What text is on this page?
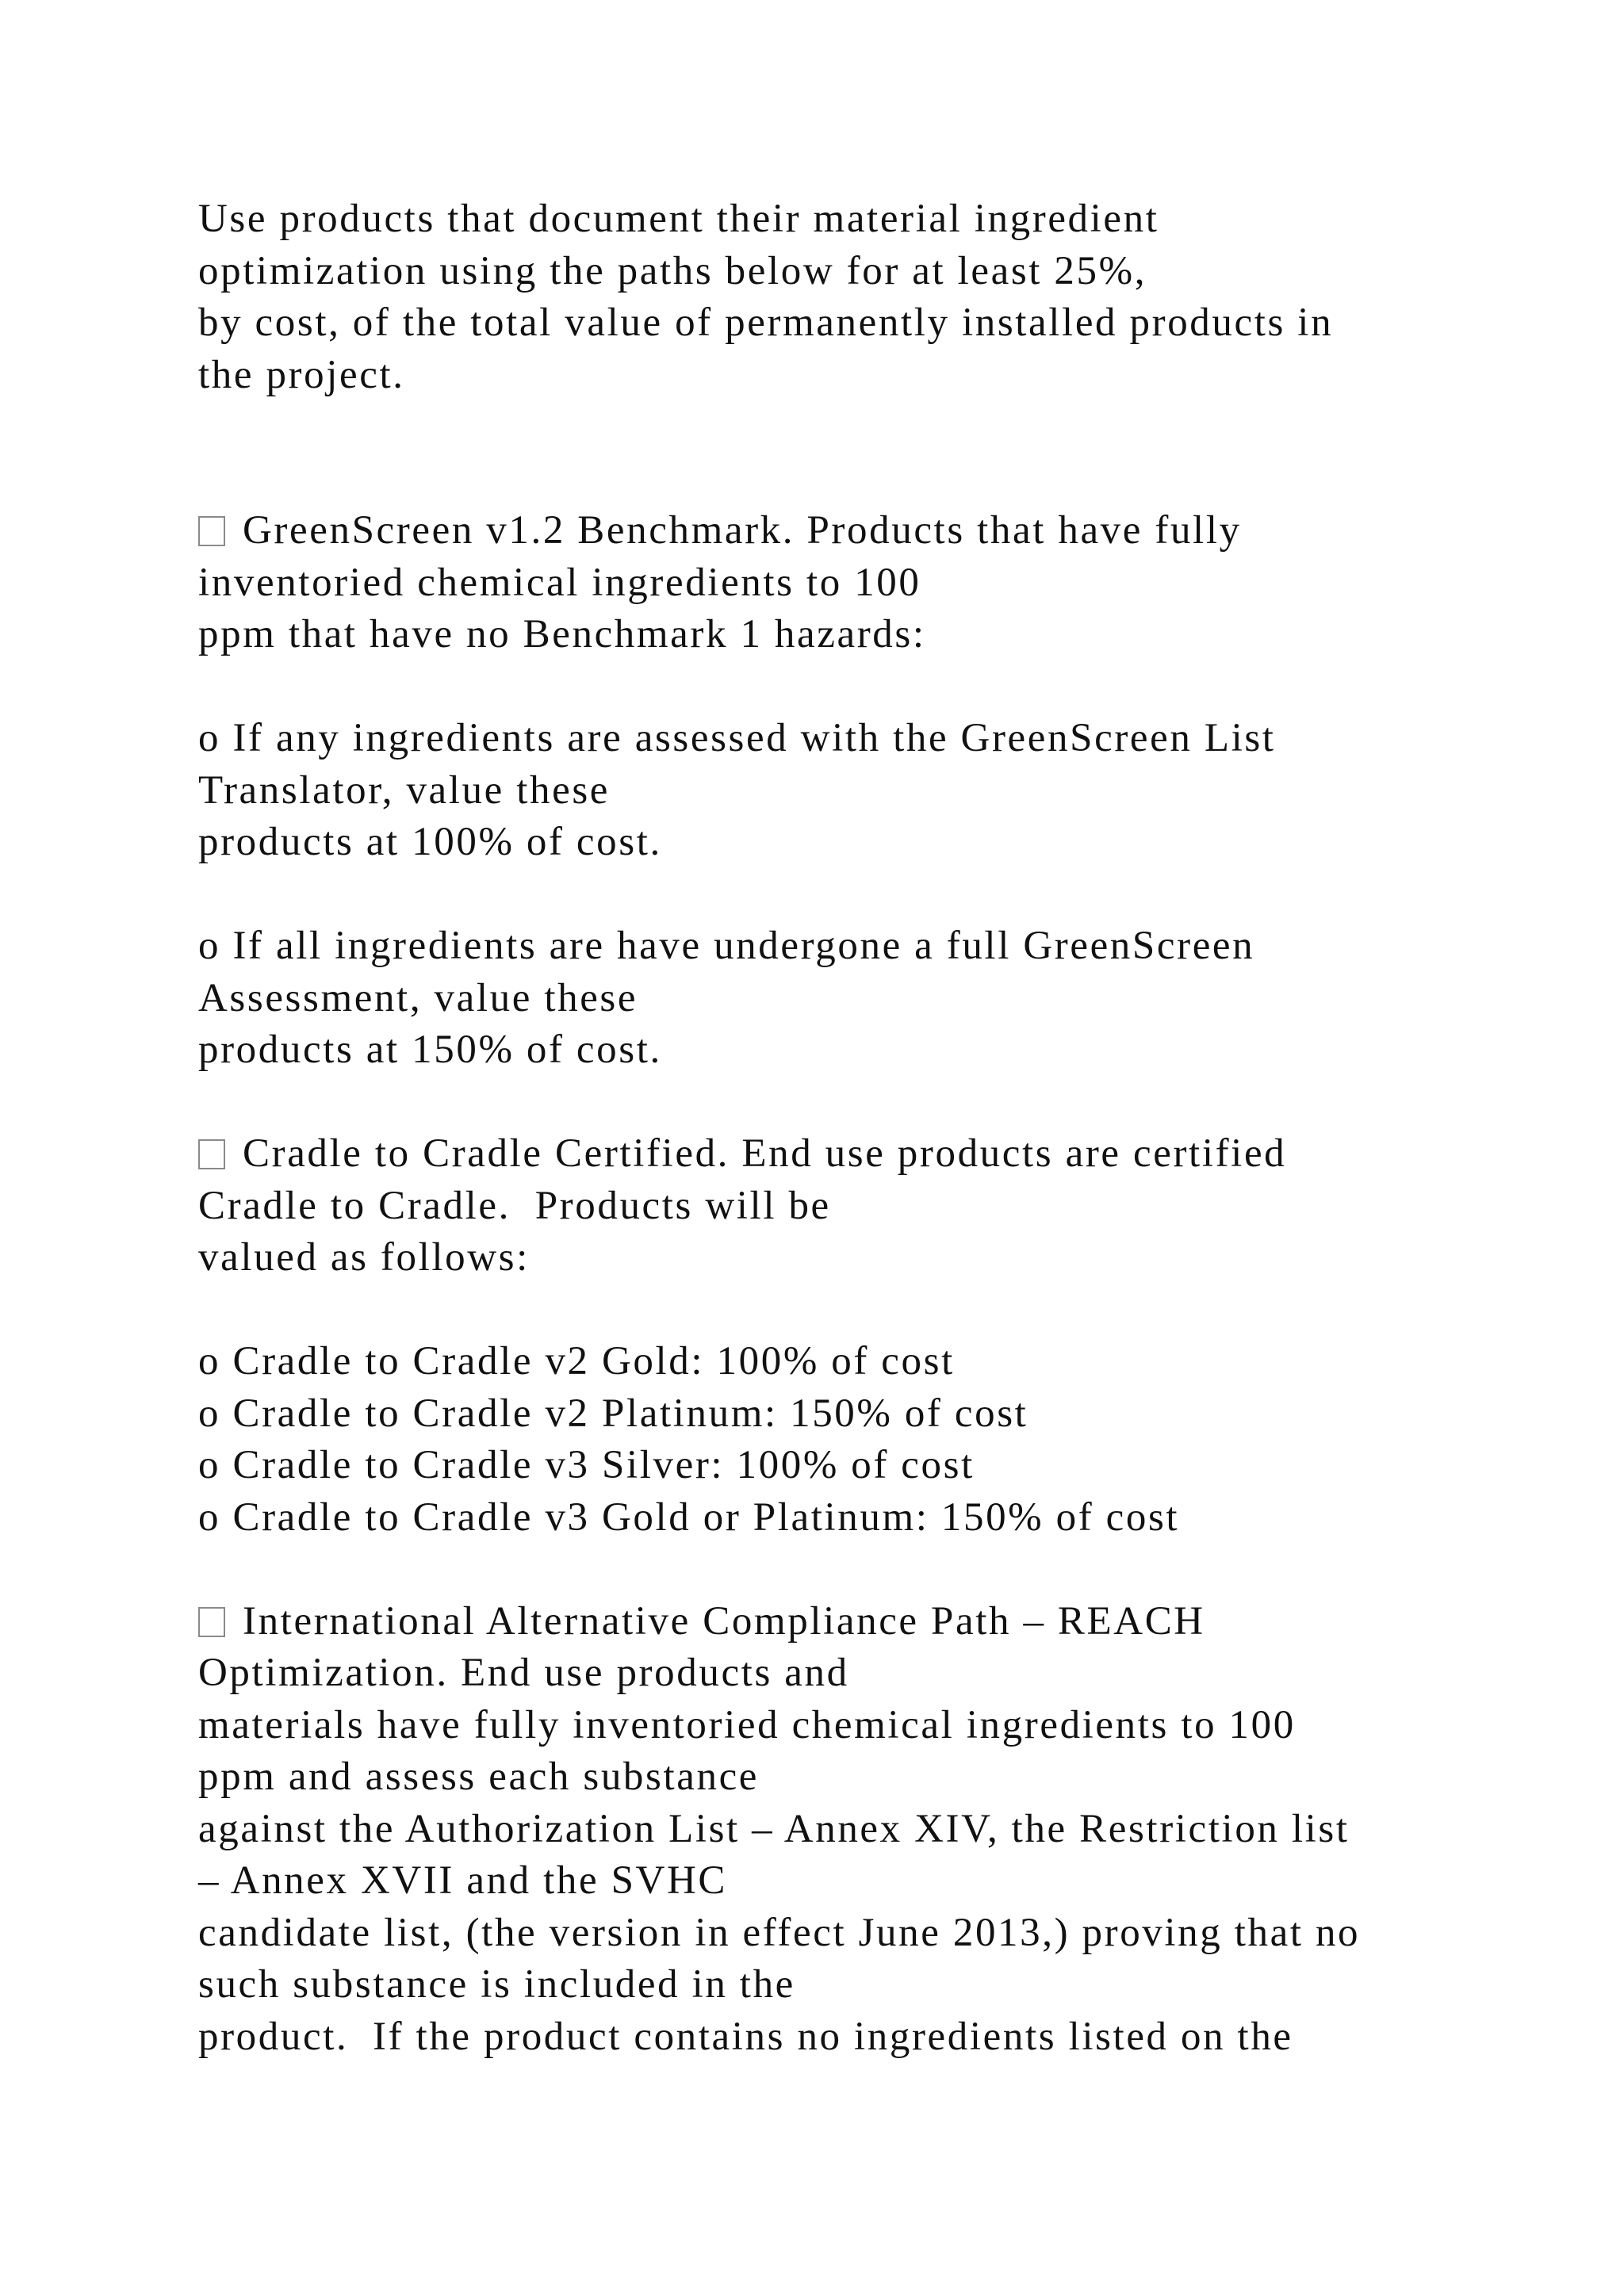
Use products that document their material ingredient
optimization using the paths below for at least 25%,
by cost, of the total value of permanently installed products in
the project.
GreenScreen v1.2 Benchmark. Products that have fully
inventoried chemical ingredients to 100
ppm that have no Benchmark 1 hazards:
o If any ingredients are assessed with the GreenScreen List
Translator, value these
products at 100% of cost.
o If all ingredients are have undergone a full GreenScreen
Assessment, value these
products at 150% of cost.
Cradle to Cradle Certified. End use products are certified
Cradle to Cradle.  Products will be
valued as follows:
o Cradle to Cradle v2 Gold: 100% of cost
o Cradle to Cradle v2 Platinum: 150% of cost
o Cradle to Cradle v3 Silver: 100% of cost
o Cradle to Cradle v3 Gold or Platinum: 150% of cost
International Alternative Compliance Path – REACH
Optimization. End use products and
materials have fully inventoried chemical ingredients to 100
ppm and assess each substance
against the Authorization List – Annex XIV, the Restriction list
– Annex XVII and the SVHC
candidate list, (the version in effect June 2013,) proving that no
such substance is included in the
product.  If the product contains no ingredients listed on the
